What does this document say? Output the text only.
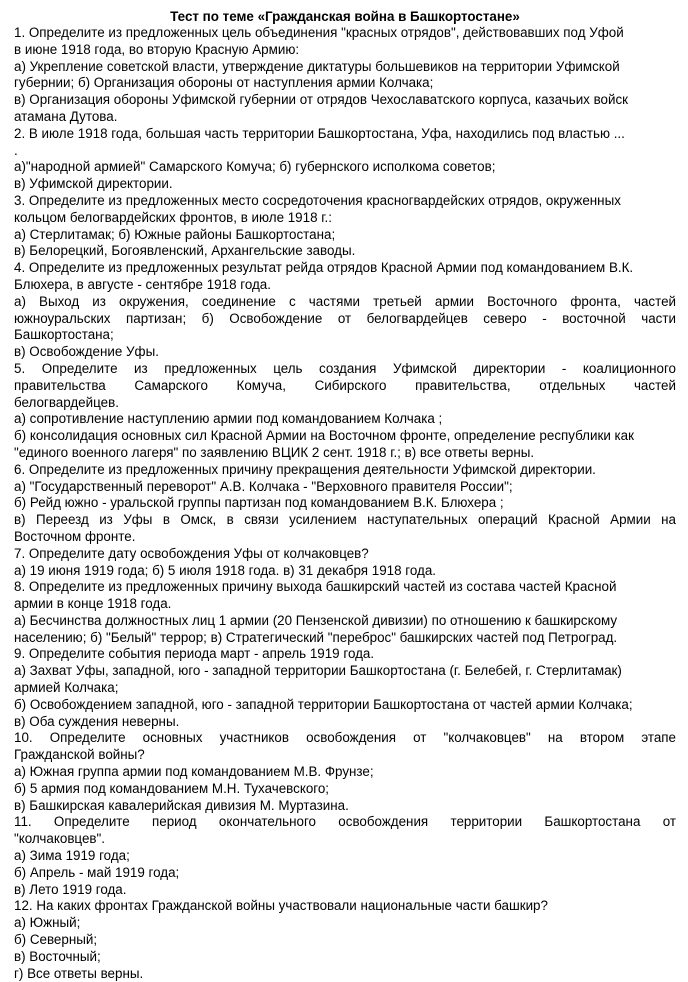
Тест по теме «Гражданская война в Башкортостане»
1. Определите из предложенных цель объединения "красных отрядов", действовавших под Уфой
в июне 1918 года, во вторую Красную Армию:
а) Укрепление советской власти, утверждение диктатуры большевиков на территории Уфимской
губернии; б) Организация обороны от наступления армии Колчака;
в) Организация обороны Уфимской губернии от отрядов Чехославатского корпуса, казачьих войск
атамана Дутова.
2. В июле 1918 года, большая часть территории Башкортостана, Уфа, находились под властью ...
.
а)"народной армией" Самарского Комуча; б) губернского исполкома советов;
в) Уфимской директории.
3. Определите из предложенных место сосредоточения красногвардейских отрядов, окруженных
кольцом белогвардейских фронтов, в июле 1918 г.:
а) Стерлитамак; б) Южные районы Башкортостана;
в) Белорецкий, Богоявленский, Архангельские заводы.
4. Определите из предложенных результат рейда отрядов Красной Армии под командованием В.К.
Блюхера, в августе - сентябре 1918 года.
а) Выход из окружения, соединение с частями третьей армии Восточного фронта, частей
южноуральских партизан; б) Освобождение от белогвардейцев северо - восточной части
Башкортостана;
в) Освобождение Уфы.
5. Определите из предложенных цель создания Уфимской директории - коалиционного
правительства Самарского Комуча, Сибирского правительства, отдельных частей
белогвардейцев.
а) сопротивление наступлению армии под командованием Колчака ;
б) консолидация основных сил Красной Армии на Восточном фронте, определение республики как
"единого военного лагеря" по заявлению ВЦИК 2 сент. 1918 г.; в) все ответы верны.
6. Определите из предложенных причину прекращения деятельности Уфимской директории.
а) "Государственный переворот" А.В. Колчака - "Верховного правителя России";
б) Рейд южно - уральской группы партизан под командованием В.К. Блюхера ;
в) Переезд из Уфы в Омск, в связи усилением наступательных операций Красной Армии на
Восточном фронте.
7. Определите дату освобождения Уфы от колчаковцев?
а) 19 июня 1919 года; б) 5 июля 1918 года. в) 31 декабря 1918 года.
8. Определите из предложенных причину выхода башкирский частей из состава частей Красной
армии в конце 1918 года.
а) Бесчинства должностных лиц 1 армии (20 Пензенской дивизии) по отношению к башкирскому
населению; б) "Белый" террор; в) Стратегический "переброс" башкирских частей под Петроград.
9. Определите события периода март - апрель 1919 года.
а) Захват Уфы, западной, юго - западной территории Башкортостана (г. Белебей, г. Стерлитамак)
армией Колчака;
б) Освобождением западной, юго - западной территории Башкортостана от частей армии Колчака;
в) Оба суждения неверны.
10. Определите основных участников освобождения от "колчаковцев" на втором этапе
Гражданской войны?
а) Южная группа армии под командованием М.В. Фрунзе;
б) 5 армия под командованием М.Н. Тухачевского;
в) Башкирская кавалерийская дивизия М. Муртазина.
11. Определите период окончательного освобождения территории Башкортостана от
"колчаковцев".
а) Зима 1919 года;
б) Апрель - май 1919 года;
в) Лето 1919 года.
12. На каких фронтах Гражданской войны участвовали национальные части башкир?
а) Южный;
б) Северный;
в) Восточный;
г) Все ответы верны.
